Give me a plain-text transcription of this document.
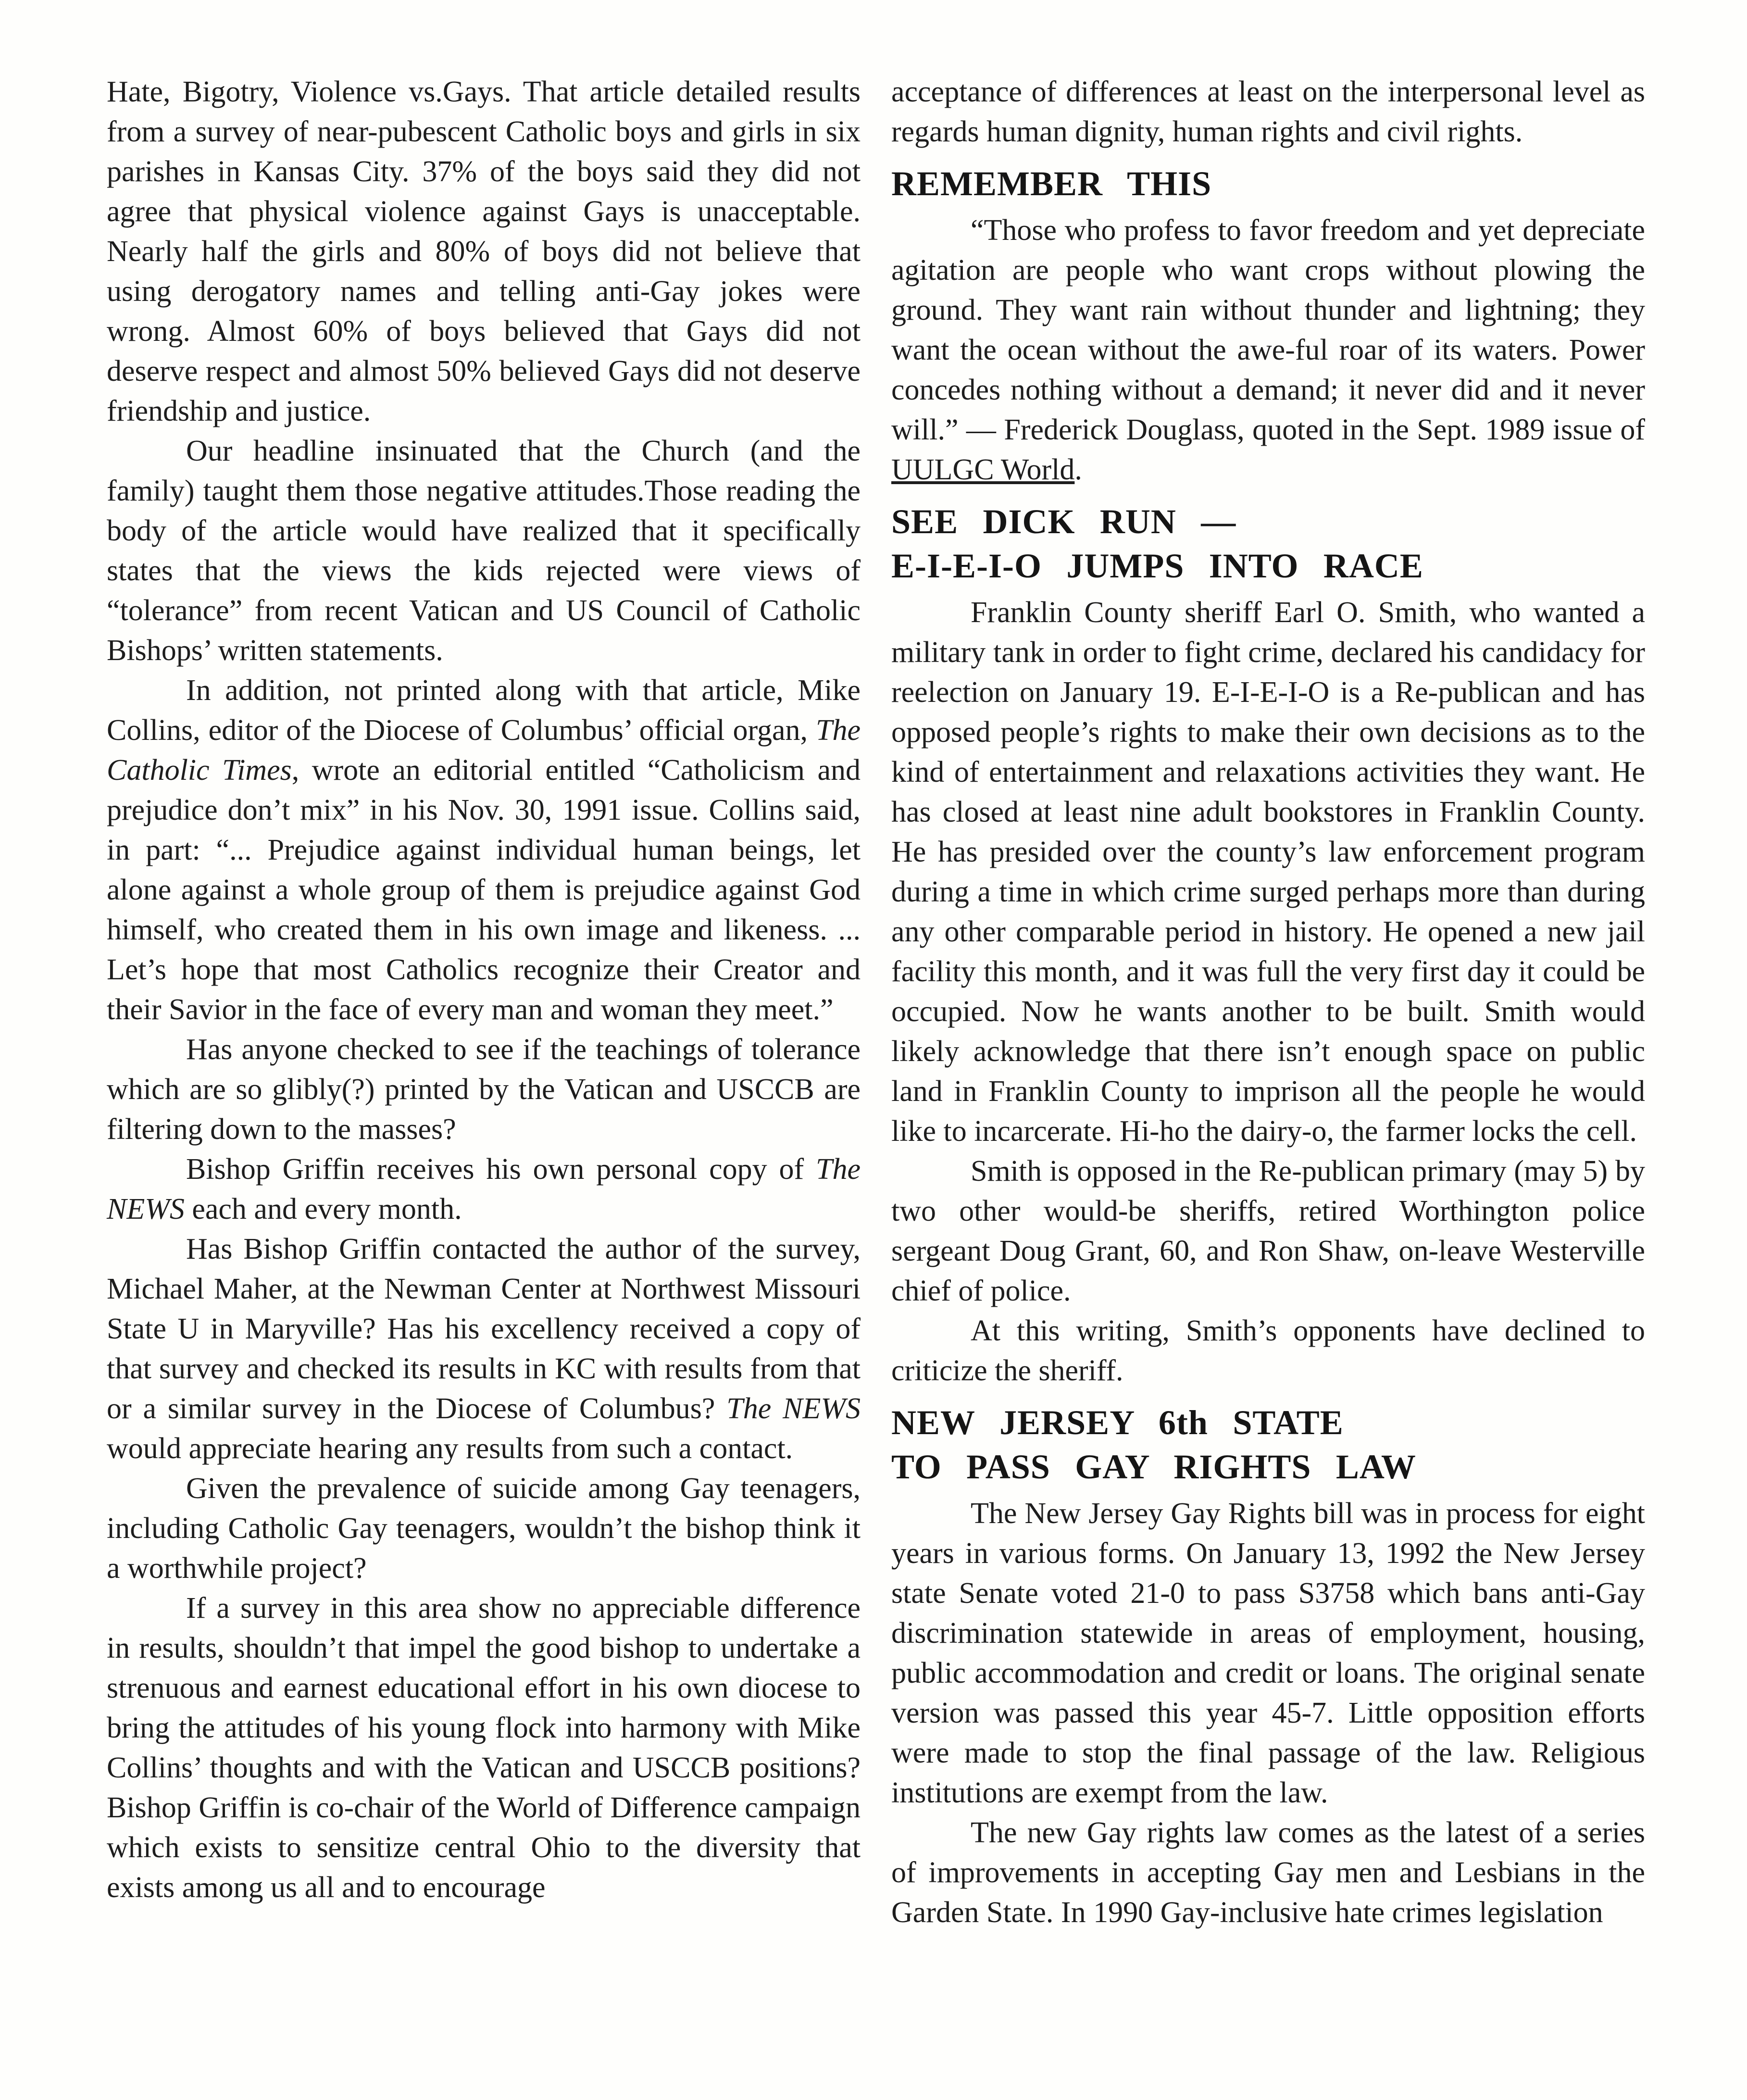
Hate, Bigotry, Violence vs.Gays. That article detailed results from a survey of near-pubescent Catholic boys and girls in six parishes in Kansas City. 37% of the boys said they did not agree that physical violence against Gays is unacceptable. Nearly half the girls and 80% of boys did not believe that using derogatory names and telling anti-Gay jokes were wrong. Almost 60% of boys believed that Gays did not deserve respect and almost 50% believed Gays did not deserve friendship and justice.

Our headline insinuated that the Church (and the family) taught them those negative attitudes.Those reading the body of the article would have realized that it specifically states that the views the kids rejected were views of “tolerance” from recent Vatican and US Council of Catholic Bishops’ written statements.

In addition, not printed along with that article, Mike Collins, editor of the Diocese of Columbus’ official organ, The Catholic Times, wrote an editorial entitled “Catholicism and prejudice don’t mix” in his Nov. 30, 1991 issue. Collins said, in part: “... Prejudice against individual human beings, let alone against a whole group of them is prejudice against God himself, who created them in his own image and likeness. ... Let’s hope that most Catholics recognize their Creator and their Savior in the face of every man and woman they meet.”

Has anyone checked to see if the teachings of tolerance which are so glibly(?) printed by the Vatican and USCCB are filtering down to the masses?

Bishop Griffin receives his own personal copy of The NEWS each and every month.

Has Bishop Griffin contacted the author of the survey, Michael Maher, at the Newman Center at Northwest Missouri State U in Maryville? Has his excellency received a copy of that survey and checked its results in KC with results from that or a similar survey in the Diocese of Columbus? The NEWS would appreciate hearing any results from such a contact.

Given the prevalence of suicide among Gay teenagers, including Catholic Gay teenagers, wouldn’t the bishop think it a worthwhile project?

If a survey in this area show no appreciable difference in results, shouldn’t that impel the good bishop to undertake a strenuous and earnest educational effort in his own diocese to bring the attitudes of his young flock into harmony with Mike Collins’ thoughts and with the Vatican and USCCB positions? Bishop Griffin is co-chair of the World of Difference campaign which exists to sensitize central Ohio to the diversity that exists among us all and to encourage

acceptance of differences at least on the interpersonal level as regards human dignity, human rights and civil rights.

REMEMBER THIS

“Those who profess to favor freedom and yet depreciate agitation are people who want crops without plowing the ground. They want rain without thunder and lightning; they want the ocean without the awe-ful roar of its waters. Power concedes nothing without a demand; it never did and it never will.” — Frederick Douglass, quoted in the Sept. 1989 issue of UULGC World.

SEE DICK RUN —
E-I-E-I-O JUMPS INTO RACE

Franklin County sheriff Earl O. Smith, who wanted a military tank in order to fight crime, declared his candidacy for reelection on January 19. E-I-E-I-O is a Re-publican and has opposed people’s rights to make their own decisions as to the kind of entertainment and relaxations activities they want. He has closed at least nine adult bookstores in Franklin County. He has presided over the county’s law enforcement program during a time in which crime surged perhaps more than during any other comparable period in history. He opened a new jail facility this month, and it was full the very first day it could be occupied. Now he wants another to be built. Smith would likely acknowledge that there isn’t enough space on public land in Franklin County to imprison all the people he would like to incarcerate. Hi-ho the dairy-o, the farmer locks the cell.

Smith is opposed in the Re-publican primary (may 5) by two other would-be sheriffs, retired Worthington police sergeant Doug Grant, 60, and Ron Shaw, on-leave Westerville chief of police.

At this writing, Smith’s opponents have declined to criticize the sheriff.

NEW JERSEY 6th STATE
TO PASS GAY RIGHTS LAW

The New Jersey Gay Rights bill was in process for eight years in various forms. On January 13, 1992 the New Jersey state Senate voted 21-0 to pass S3758 which bans anti-Gay discrimination statewide in areas of employment, housing, public accommodation and credit or loans. The original senate version was passed this year 45-7. Little opposition efforts were made to stop the final passage of the law. Religious institutions are exempt from the law.

The new Gay rights law comes as the latest of a series of improvements in accepting Gay men and Lesbians in the Garden State. In 1990 Gay-inclusive hate crimes legislation
